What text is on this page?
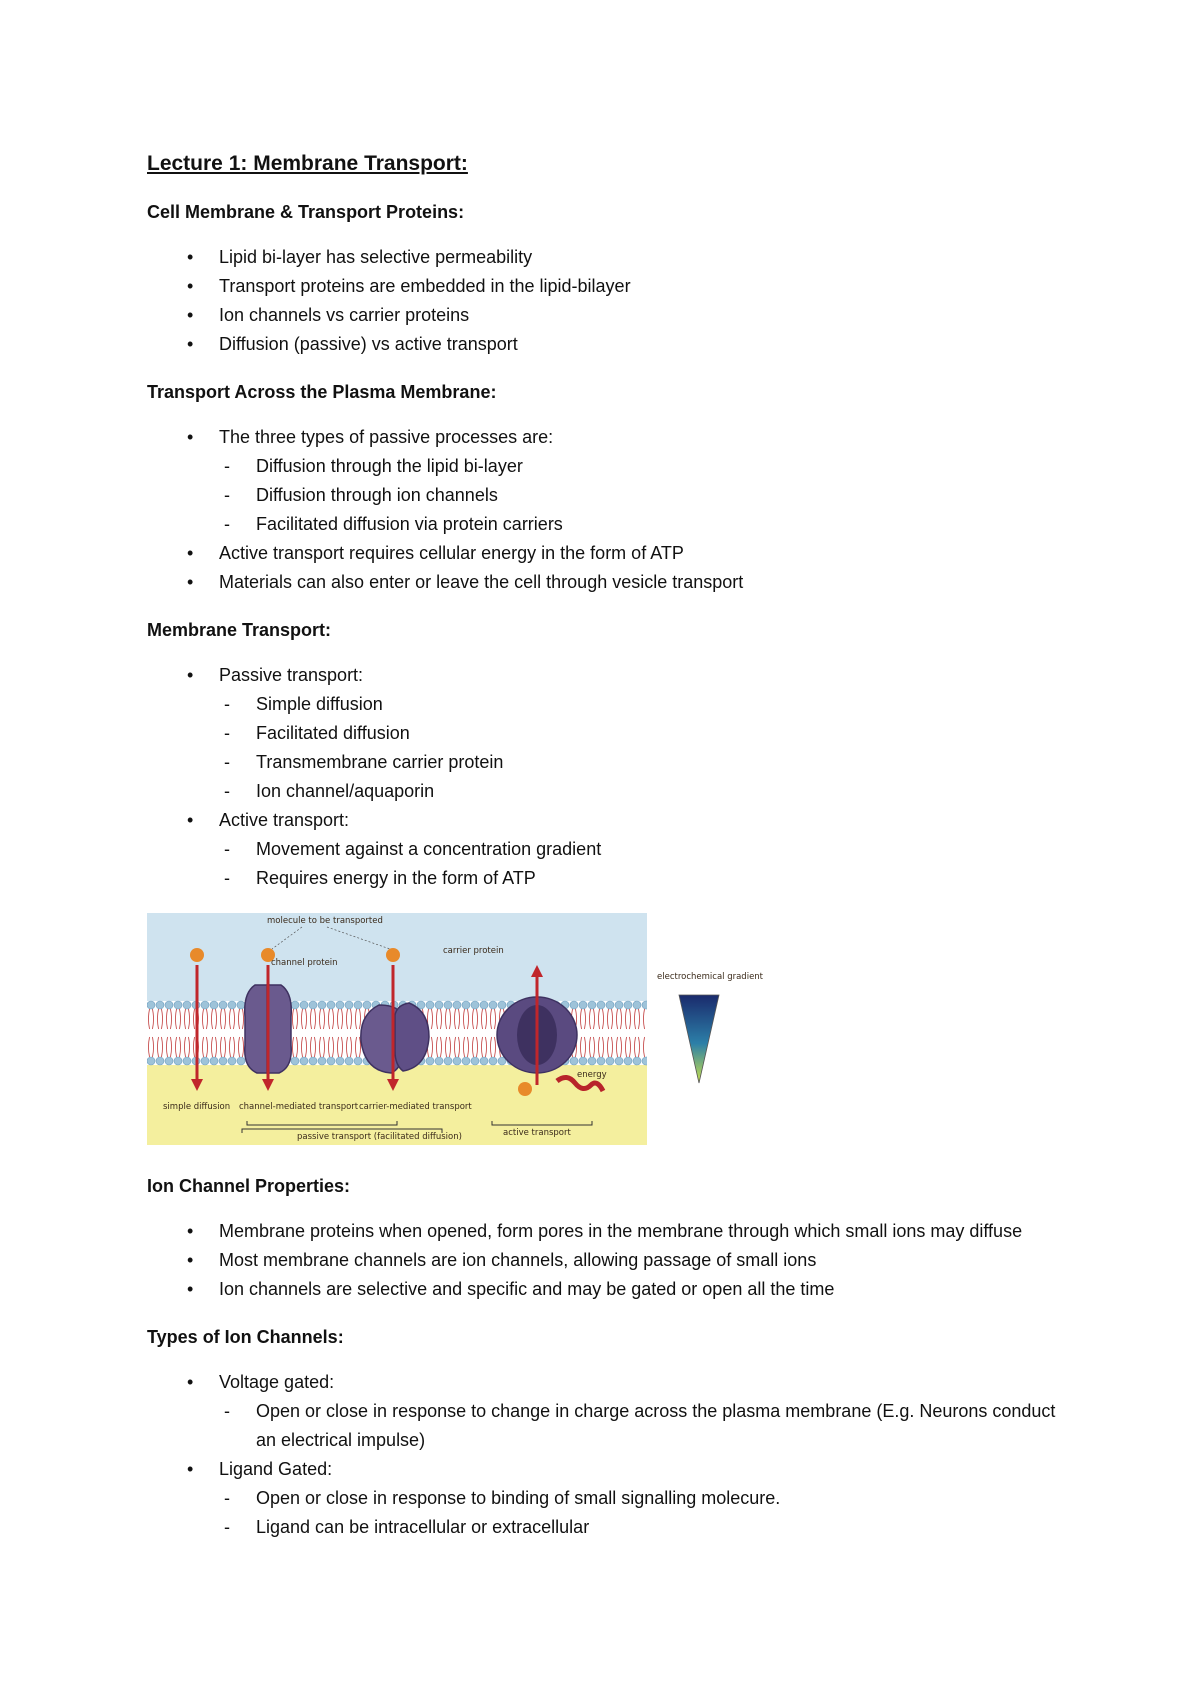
Lecture 1: Membrane Transport:
Cell Membrane & Transport Proteins:
• Lipid bi-layer has selective permeability
• Transport proteins are embedded in the lipid-bilayer
• Ion channels vs carrier proteins
• Diffusion (passive) vs active transport
Transport Across the Plasma Membrane:
• The three types of passive processes are:
- Diffusion through the lipid bi-layer
- Diffusion through ion channels
- Facilitated diffusion via protein carriers
• Active transport requires cellular energy in the form of ATP
• Materials can also enter or leave the cell through vesicle transport
Membrane Transport:
• Passive transport:
- Simple diffusion
- Facilitated diffusion
- Transmembrane carrier protein
- Ion channel/aquaporin
• Active transport:
- Movement against a concentration gradient
- Requires energy in the form of ATP
molecule to be transported
channel protein
carrier protein
energy
simple diffusion channel-mediated transport carrier-mediated transport
passive transport (facilitated diffusion)	active transport
electrochemical gradient
Ion Channel Properties:
• Membrane proteins when opened, form pores in the membrane through which small ions may diffuse
• Most membrane channels are ion channels, allowing passage of small ions
• Ion channels are selective and specific and may be gated or open all the time
Types of Ion Channels:
• Voltage gated:
- Open or close in response to change in charge across the plasma membrane (E.g. Neurons conduct an electrical impulse)
• Ligand Gated:
- Open or close in response to binding of small signalling molecure.
- Ligand can be intracellular or extracellular
